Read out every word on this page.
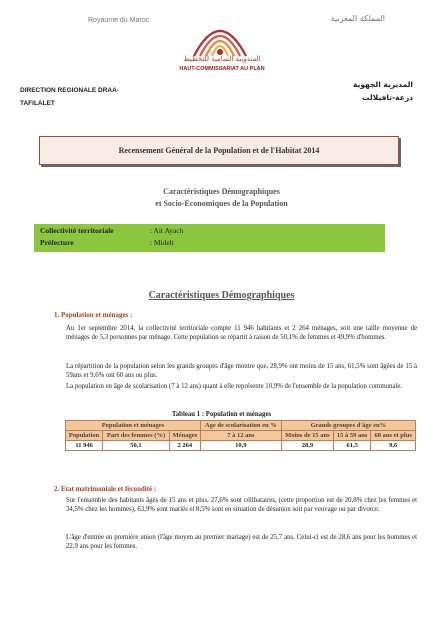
Royaume du Maroc	المملكة المغربية
المندوبية السامية للتخطيط
HAUT-COMMISSARIAT AU PLAN
DIRECTION REGIONALE DRAA-
TAFILALET
المديرية الجهوية
درعة-تافيلالت
Recensement Général de la Population et de l'Habitat 2014
Caractéristiques Démographiques
et Socio-Economiques de la Population
Collectivité territoriale	: Ait Ayach
Préfecture	: Midelt
Caractéristiques Démographiques
1. Population et ménages :
Au 1er septembre 2014, la collectivité territoriale compte 11 946 habitants et 2 264 ménages, soit une taille moyenne de ménages de 5,3 personnes par ménage. Cette population se répartit à raison de 50,1% de femmes et 49,9% d'hommes.
La répartition de la population selon les grands groupes d'âge montre que, 28,9% ont moins de 15 ans, 61,5% sont âgées de 15 à 59ans et 9,6% ont 60 ans ou plus.
La population en âge de scolarisation (7 à 12 ans) quant à elle représente 10,9% de l'ensemble de la population communale.
Tableau 1 : Population et ménages
Population et ménages			Age de scolarisation en %	Grands groupes d'âge en%		
Population	Part des femmes (%)	Ménages	7 à 12 ans	Moins de 15 ans	15 à 59 ans	60 ans et plus
11 946	50,1	2 264	10,9	28,9	61,5	9,6
2. Etat matrimoniale et fécondité :
Sur l'ensemble des habitants âgés de 15 ans et plus, 27,6% sont célibataires, (cette proportion est de 20,8% chez les femmes et 34,5% chez les hommes), 63,9% sont mariés et 8,5% sont en situation de désunion soit par veuvage ou par divorce.
L'âge d'entrée en première union (l'âge moyen au premier mariage) est de 25,7 ans. Celui-ci est de 28,6 ans pour les hommes et 22,9 ans pour les femmes.
